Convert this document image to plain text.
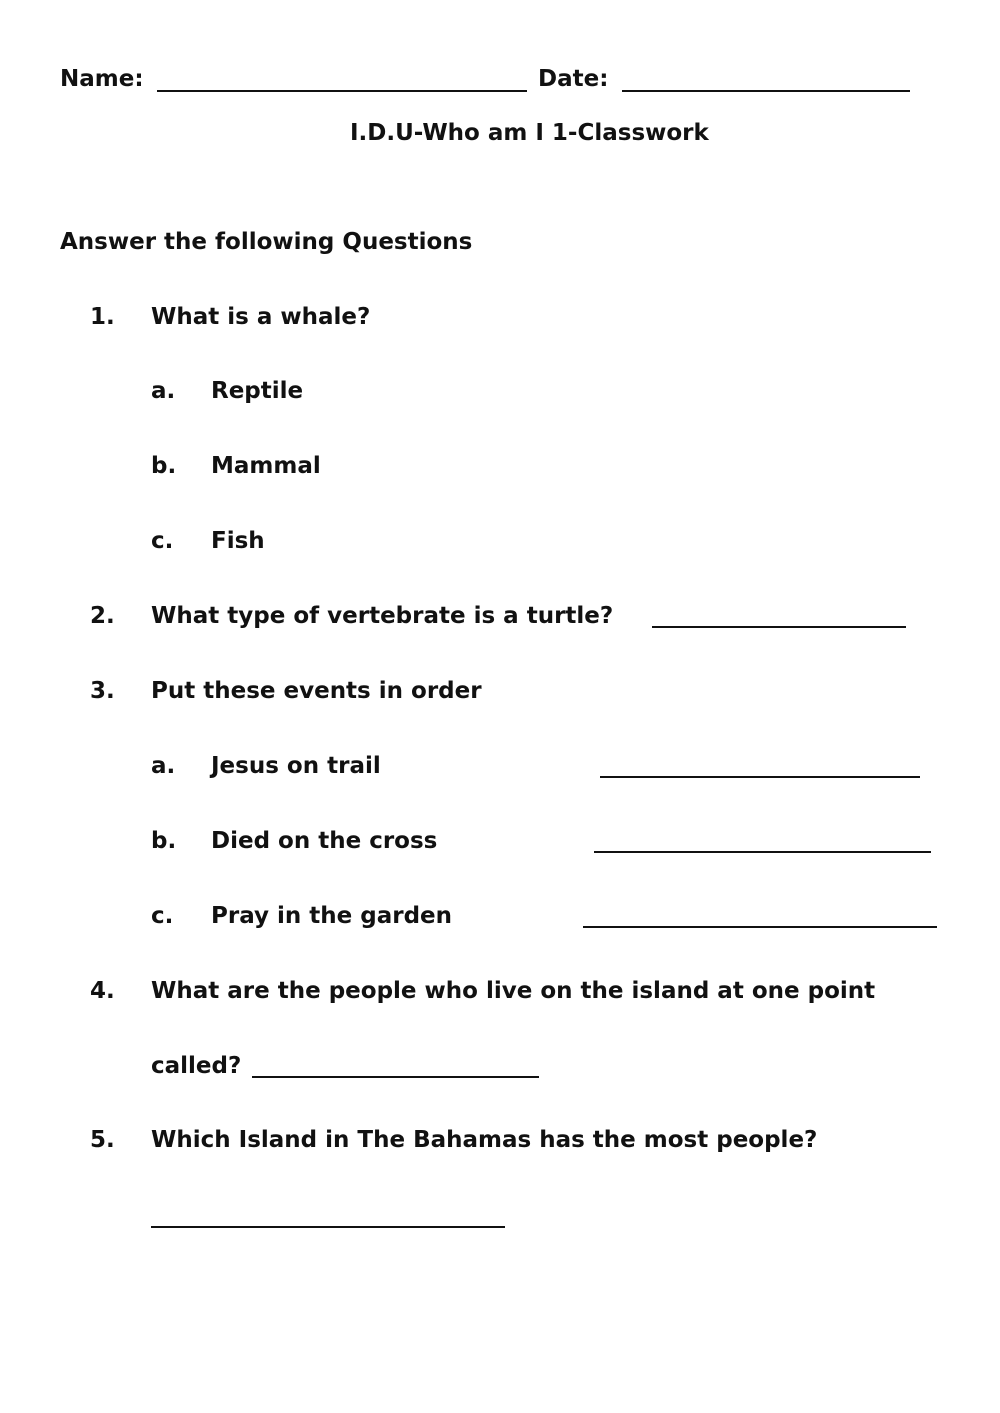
Name:	Date:
I.D.U-Who am I 1-Classwork
Answer the following Questions
1. What is a whale?
a. Reptile
b. Mammal
c. Fish
2. What type of vertebrate is a turtle?
3. Put these events in order
a. Jesus on trail
b. Died on the cross
c. Pray in the garden
4. What are the people who live on the island at one point
called?
5. Which Island in The Bahamas has the most people?
